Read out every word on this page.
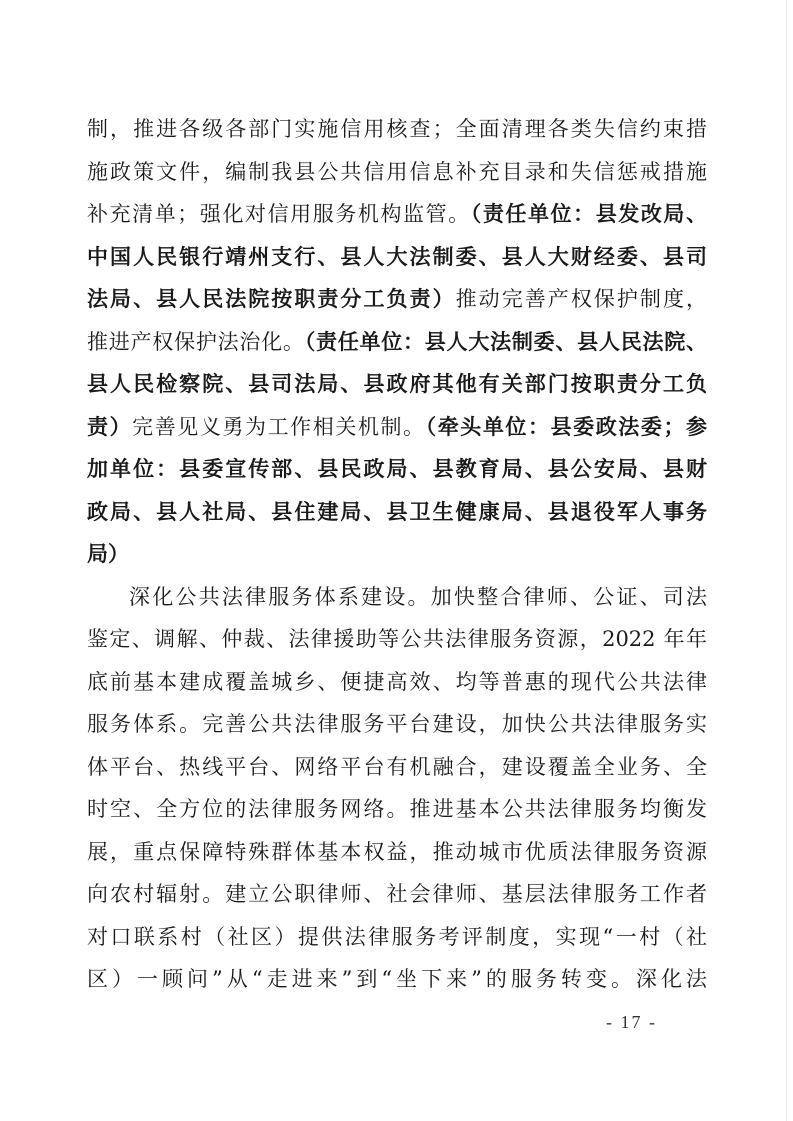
制，推进各级各部门实施信用核查；全面清理各类失信约束措
施政策文件，编制我县公共信用信息补充目录和失信惩戒措施
补充清单；强化对信用服务机构监管。（责任单位：县发改局、
中国人民银行靖州支行、县人大法制委、县人大财经委、县司
法局、县人民法院按职责分工负责）推动完善产权保护制度，
推进产权保护法治化。（责任单位：县人大法制委、县人民法院、
县人民检察院、县司法局、县政府其他有关部门按职责分工负
责）完善见义勇为工作相关机制。（牵头单位：县委政法委；参
加单位：县委宣传部、县民政局、县教育局、县公安局、县财
政局、县人社局、县住建局、县卫生健康局、县退役军人事务
局）
深化公共法律服务体系建设。加快整合律师、公证、司法
鉴定、调解、仲裁、法律援助等公共法律服务资源，2022 年年
底前基本建成覆盖城乡、便捷高效、均等普惠的现代公共法律
服务体系。完善公共法律服务平台建设，加快公共法律服务实
体平台、热线平台、网络平台有机融合，建设覆盖全业务、全
时空、全方位的法律服务网络。推进基本公共法律服务均衡发
展，重点保障特殊群体基本权益，推动城市优质法律服务资源
向农村辐射。建立公职律师、社会律师、基层法律服务工作者
对口联系村（社区）提供法律服务考评制度，实现“一村（社
区）一顾问”从“走进来”到“坐下来”的服务转变。深化法
- 17 -
